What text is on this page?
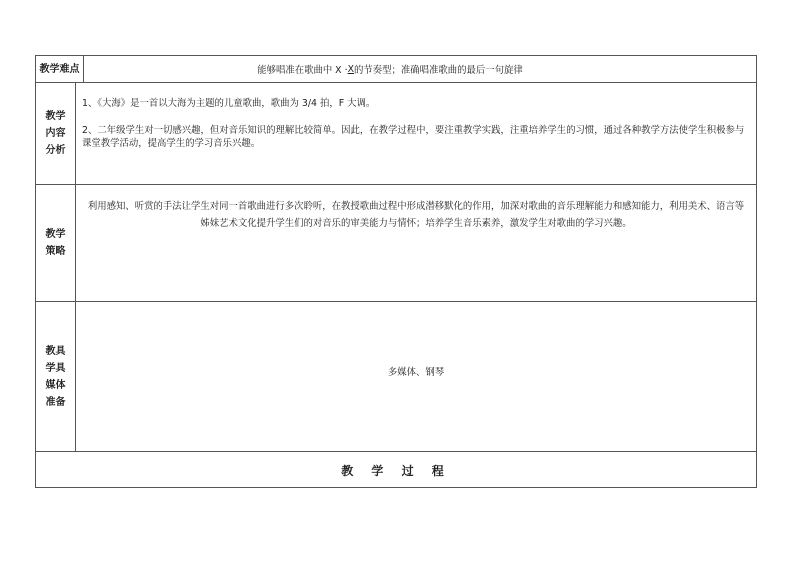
教学难点	能够唱准在歌曲中 X · X 的节奏型；准确唱准歌曲的最后一句旋律
教学
内容
分析

1、《大海》是一首以大海为主题的儿童歌曲，歌曲为 3/4 拍，F 大调。

2、二年级学生对一切感兴趣，但对音乐知识的理解比较简单。因此，在教学过程中，要注重教学实践，注重培养学生的习惯，通过各种教学方法使学生积极参与课堂教学活动，提高学生的学习音乐兴趣。

教学
策略

利用感知、听赏的手法让学生对同一首歌曲进行多次聆听，在教授歌曲过程中形成潜移默化的作用，加深对歌曲的音乐理解能力和感知能力，利用美术、语言等姊妹艺术文化提升学生们的对音乐的审美能力与情怀；培养学生音乐素养，激发学生对歌曲的学习兴趣。

教具
学具
媒体
准备
多媒体、钢琴
教 学 过 程
